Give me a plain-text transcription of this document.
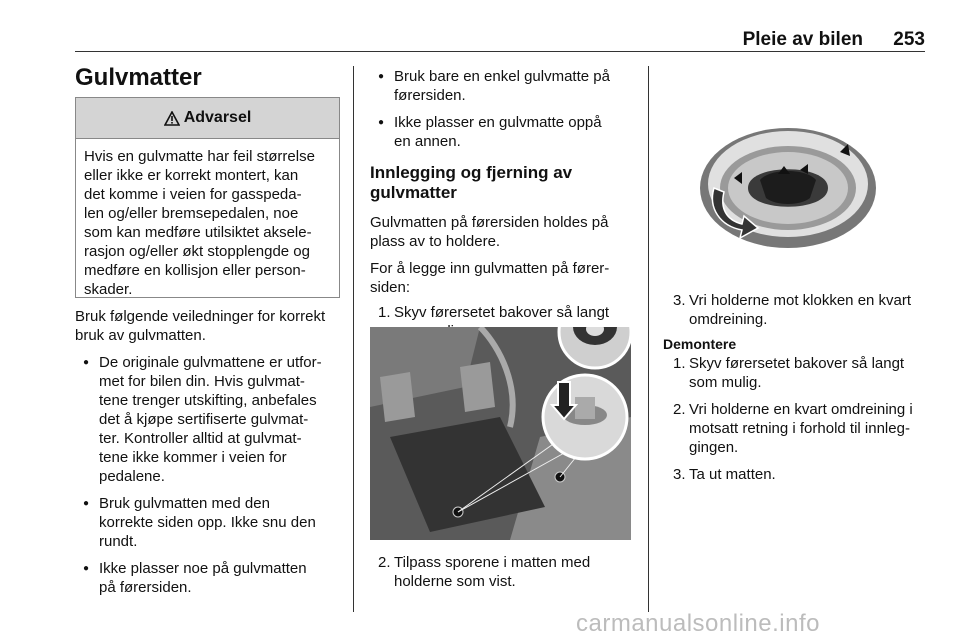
Pleie av bilen 253
Gulvmatter
Advarsel

Hvis en gulvmatte har feil størrelse

eller ikke er korrekt montert, kan

det komme i veien for gasspeda-

len og/eller bremsepedalen, noe

som kan medføre utilsiktet aksele-

rasjon og/eller økt stopplengde og

medføre en kollisjon eller person-

skader.

Bruk følgende veiledninger for korrekt

bruk av gulvmatten.

● De originale gulvmattene er utfor-

met for bilen din. Hvis gulvmat-

tene trenger utskifting, anbefales

det å kjøpe sertifiserte gulvmat-

ter. Kontroller alltid at gulvmat-

tene ikke kommer i veien for

pedalene.

● Bruk gulvmatten med den

korrekte siden opp. Ikke snu den

rundt.

● Ikke plasser noe på gulvmatten

på førersiden.

● Bruk bare en enkel gulvmatte på

førersiden.

● Ikke plasser en gulvmatte oppå

en annen.

Innlegging og fjerning av
gulvmatter

Gulvmatten på førersiden holdes på

plass av to holdere.

For å legge inn gulvmatten på fører-

siden:

1. Skyv førersetet bakover så langt

2. Tilpass sporene i matten med

holderne som vist.

3. Vri holderne mot klokken en kvart

omdreining.

Demontere

1. Skyv førersetet bakover så langt

som mulig.

2. Vri holderne en kvart omdreining i

motsatt retning i forhold til innleg-

gingen.

3. Ta ut matten.

carmanualsonline.info
